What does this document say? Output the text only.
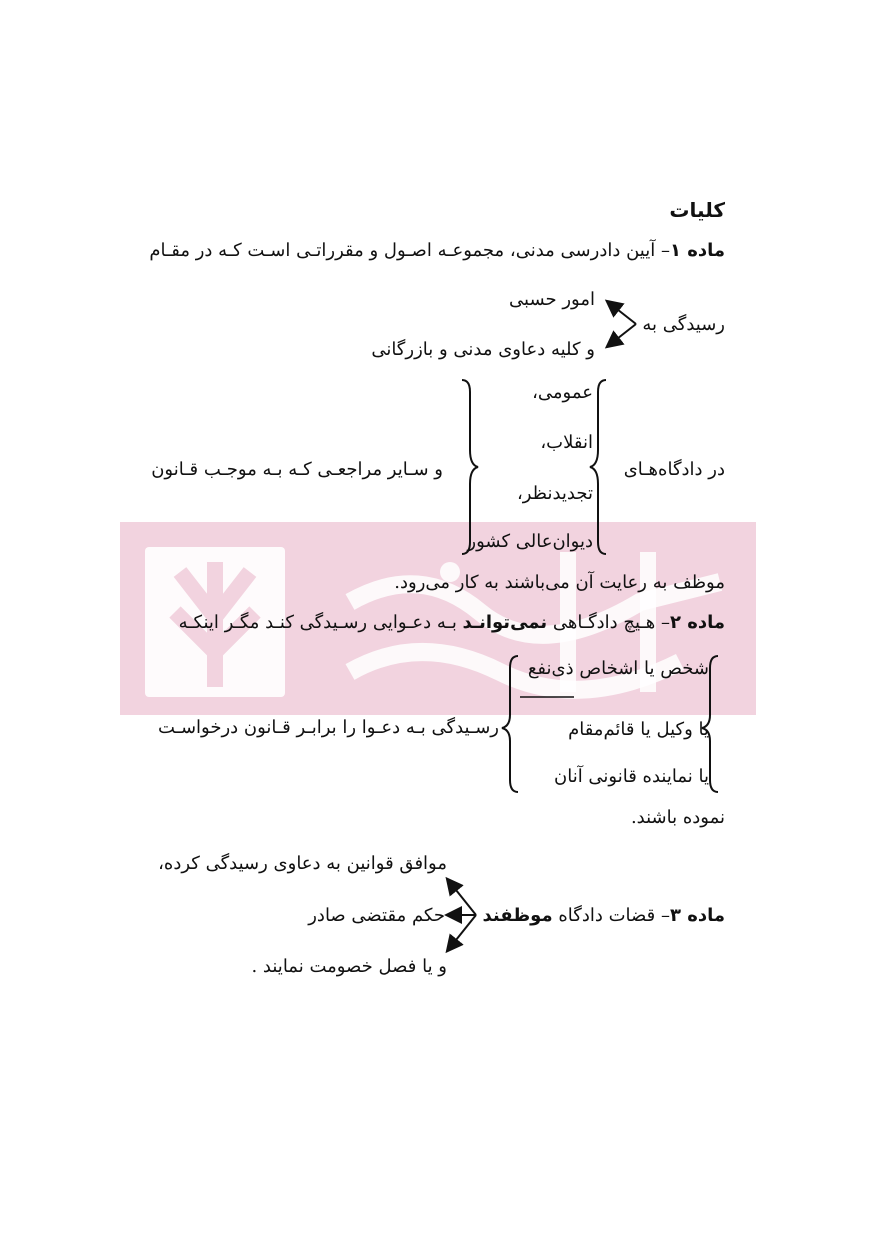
کلیات
ماده ۱– آیین دادرسی مدنی، مجموعـه اصـول و مقرراتـی اسـت کـه در مقـام
رسیدگی به
امور حسبی
و کلیه دعاوی مدنی و بازرگانی
در دادگاه‌هـای
عمومی،
انقلاب،
تجدیدنظر،
دیوان‌عالی کشور
و سـایر مراجعـی کـه بـه موجـب قـانون
موظف به رعایت آن می‌باشند به کار می‌رود.
ماده ۲– هـیچ دادگـاهی نمی‌توانـد بـه دعـوایی رسـیدگی کنـد مگـر اینکـه
شخص یا اشخاص ذی‌نفع
یا وکیل یا قائم‌مقام
یا نماینده قانونی آنان
رسـیدگی بـه دعـوا را برابـر قـانون درخواسـت
نموده باشند.
ماده ۳– قضات دادگاه موظفند
موافق قوانین به دعاوی رسیدگی کرده،
حکم مقتضی صادر
و یا فصل خصومت نمایند .
